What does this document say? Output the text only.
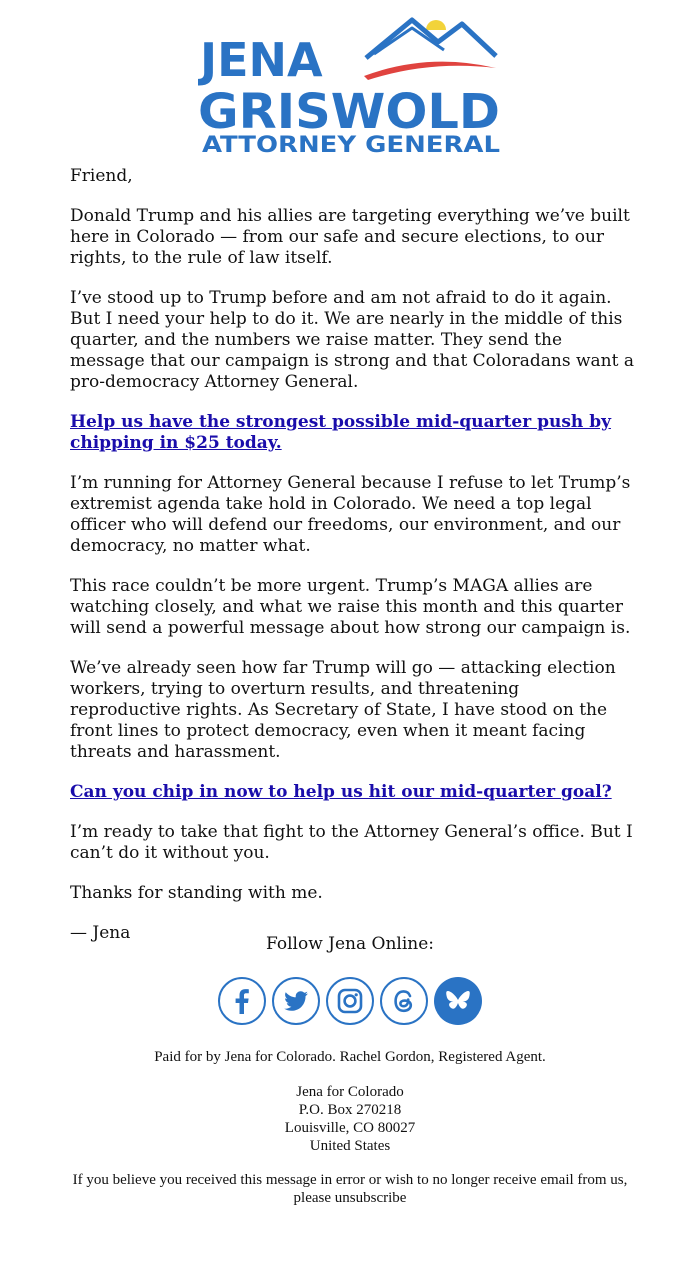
JENA
GRISWOLD
ATTORNEY GENERAL

Friend,

Donald Trump and his allies are targeting everything we’ve built here in Colorado — from our safe and secure elections, to our rights, to the rule of law itself.

I’ve stood up to Trump before and am not afraid to do it again. But I need your help to do it. We are nearly in the middle of this quarter, and the numbers we raise matter. They send the message that our campaign is strong and that Coloradans want a pro-democracy Attorney General.

Help us have the strongest possible mid-quarter push by chipping in $25 today.

I’m running for Attorney General because I refuse to let Trump’s extremist agenda take hold in Colorado. We need a top legal officer who will defend our freedoms, our environment, and our democracy, no matter what.

This race couldn’t be more urgent. Trump’s MAGA allies are watching closely, and what we raise this month and this quarter will send a powerful message about how strong our campaign is.

We’ve already seen how far Trump will go — attacking election workers, trying to overturn results, and threatening reproductive rights. As Secretary of State, I have stood on the front lines to protect democracy, even when it meant facing threats and harassment.

Can you chip in now to help us hit our mid-quarter goal?

I’m ready to take that fight to the Attorney General’s office. But I can’t do it without you.

Thanks for standing with me.

— Jena

Follow Jena Online:
Paid for by Jena for Colorado. Rachel Gordon, Registered Agent.
Jena for Colorado
P.O. Box 270218
Louisville, CO 80027
United States
If you believe you received this message in error or wish to no longer receive email from us, please unsubscribe
